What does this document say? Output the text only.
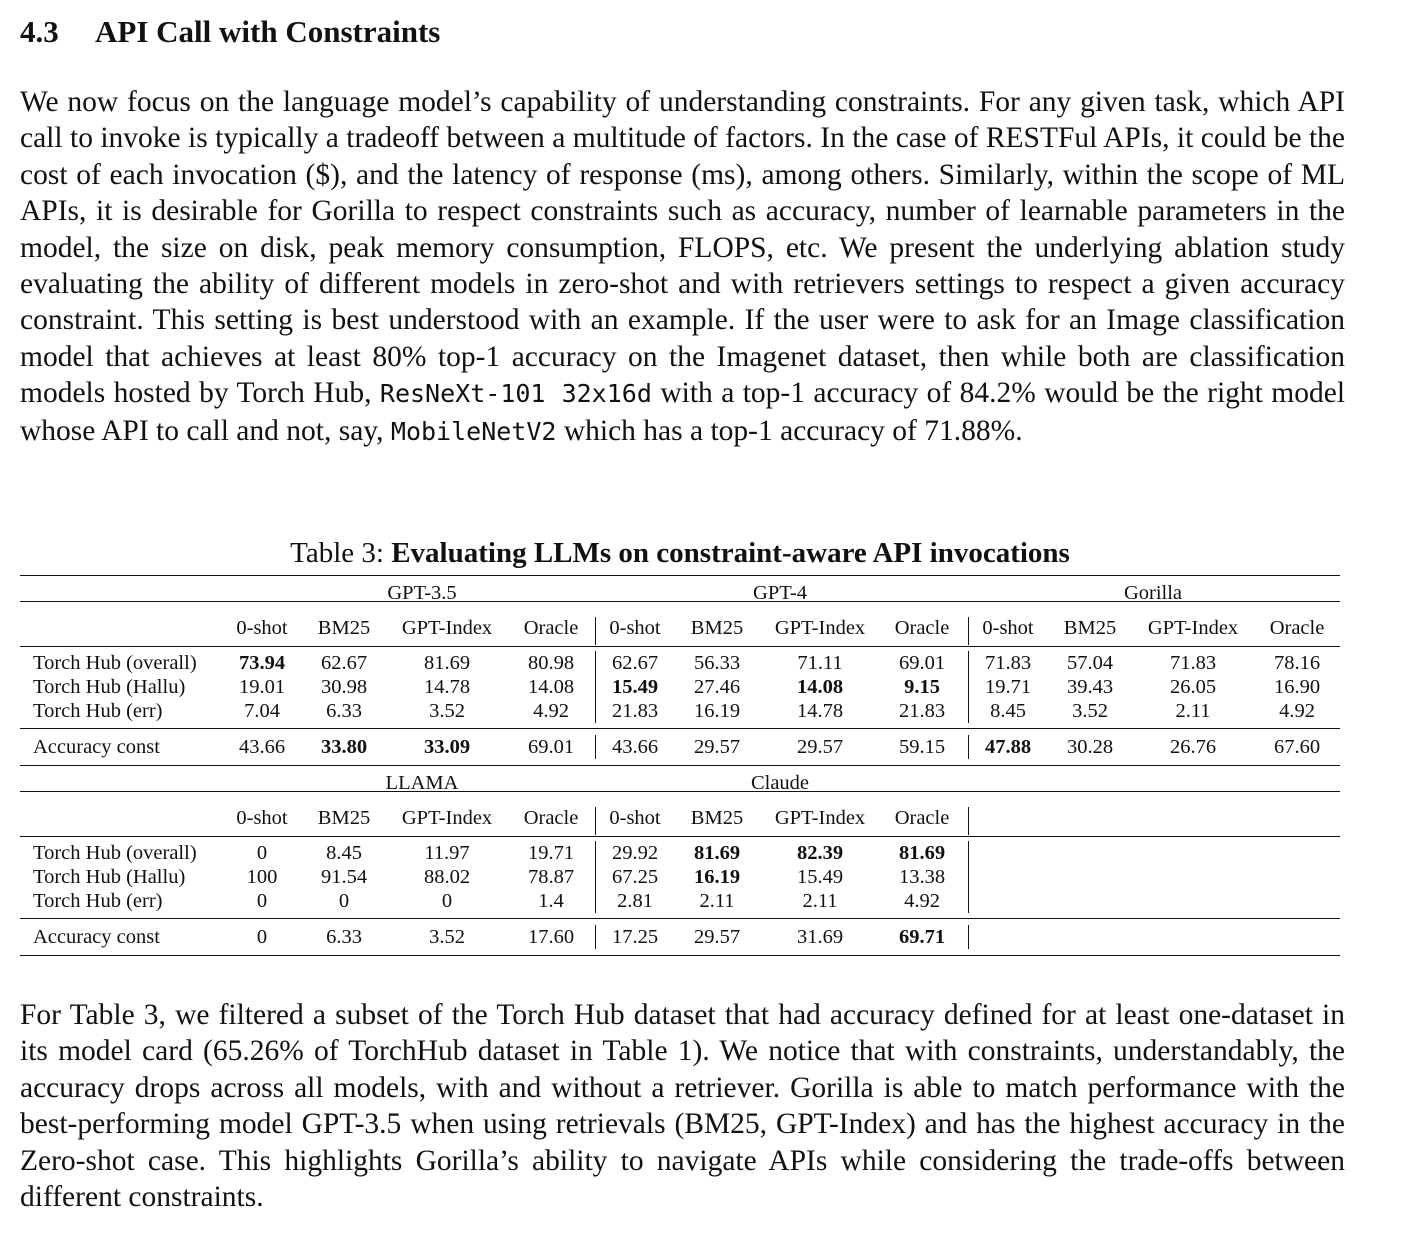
4.3 API Call with Constraints

We now focus on the language model’s capability of understanding constraints. For any given task, which API call to invoke is typically a tradeoff between a multitude of factors. In the case of RESTFul APIs, it could be the cost of each invocation ($), and the latency of response (ms), among others. Similarly, within the scope of ML APIs, it is desirable for Gorilla to respect constraints such as accuracy, number of learnable parameters in the model, the size on disk, peak memory consumption, FLOPS, etc. We present the underlying ablation study evaluating the ability of different models in zero-shot and with retrievers settings to respect a given accuracy constraint. This setting is best understood with an example. If the user were to ask for an Image classification model that achieves at least 80% top-1 accuracy on the Imagenet dataset, then while both are classification models hosted by Torch Hub, ResNeXt-101 32x16d with a top-1 accuracy of 84.2% would be the right model whose API to call and not, say, MobileNetV2 which has a top-1 accuracy of 71.88%.

Table 3: Evaluating LLMs on constraint-aware API invocations
GPT-3.5	GPT-4	Gorilla
0-shot BM25 GPT-Index Oracle 0-shot BM25 GPT-Index Oracle 0-shot BM25 GPT-Index Oracle
Torch Hub (overall) 73.94 62.67	81.69	80.98 62.67 56.33	71.11	69.01 71.83 57.04	71.83	78.16
Torch Hub (Hallu)	19.01 30.98	14.78	14.08 15.49 27.46	14.08	9.15 19.71 39.43	26.05	16.90
Torch Hub (err)	7.04 6.33	3.52	4.92 21.83 16.19	14.78	21.83 8.45 3.52	2.11	4.92
Accuracy const	43.66 33.80	33.09	69.01 43.66 29.57	29.57	59.15 47.88 30.28	26.76	67.60
LLAMA	Claude
0-shot BM25 GPT-Index Oracle 0-shot BM25 GPT-Index Oracle
Torch Hub (overall)	0	8.45	11.97	19.71 29.92 81.69	82.39	81.69
Torch Hub (Hallu)	100 91.54	88.02	78.87 67.25 16.19	15.49	13.38
Torch Hub (err)	0	0	0	1.4	2.81 2.11	2.11	4.92
Accuracy const	0	6.33	3.52	17.60 17.25 29.57	31.69	69.71

For Table 3, we filtered a subset of the Torch Hub dataset that had accuracy defined for at least one-dataset in its model card (65.26% of TorchHub dataset in Table 1). We notice that with constraints, understandably, the accuracy drops across all models, with and without a retriever. Gorilla is able to match performance with the best-performing model GPT-3.5 when using retrievals (BM25, GPT-Index) and has the highest accuracy in the Zero-shot case. This highlights Gorilla’s ability to navigate APIs while considering the trade-offs between different constraints.
